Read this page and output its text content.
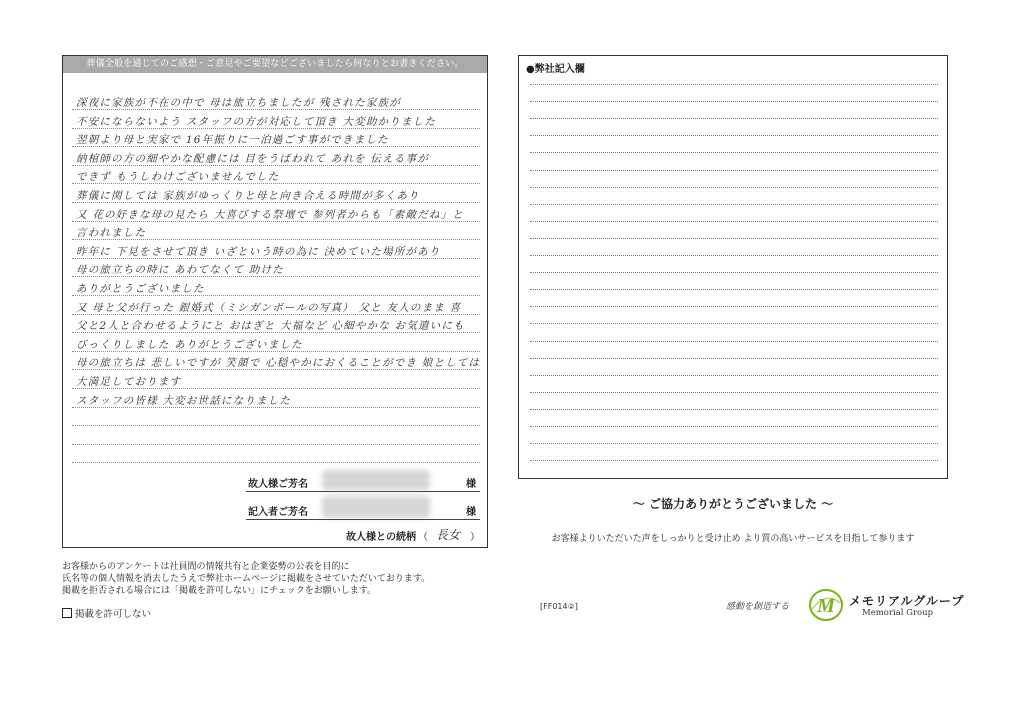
葬儀全般を通じてのご感想・ご意見やご要望などございましたら何なりとお書きください。
深夜に家族が不在の中で 母は旅立ちましたが 残された家族が
不安にならないよう スタッフの方が対応して頂き 大変助かりました
翌朝より母と実家で 16年振りに一泊過ごす事ができました
納棺師の方の細やかな配慮には 目をうばわれて あれを 伝える事が
できず もうしわけございませんでした
葬儀に関しては 家族がゆっくりと母と向き合える時間が多くあり
又 花の好きな母の見たら 大喜びする祭壇で 参列者からも「素敵だね」と
言われました
昨年に 下見をさせて頂き いざという時の為に 決めていた場所があり
母の旅立ちの時に あわてなくて 助けた
ありがとうございました
又 母と父が行った 銀婚式（ミシガンボールの写真） 父と 友人のまま 喜
父と2人と合わせるようにと おはぎと 大福など 心細やかな お気遣いにも
びっくりしました ありがとうございました
母の旅立ちは 悲しいですが 笑顔で 心穏やかにおくることができ 娘としては
大満足しております
スタッフの皆様 大変お世話になりました
故人様ご芳名	様
記入者ご芳名	様
故人様との続柄 （ 長女 ）
●弊社記入欄
～ ご協力ありがとうございました ～
お客様よりいただいた声をしっかりと受け止め より質の高いサービスを目指して参ります
お客様からのアンケートは社員間の情報共有と企業姿勢の公表を目的に
氏名等の個人情報を消去したうえで弊社ホームページに掲載をさせていただいております。
掲載を拒否される場合には「掲載を許可しない」にチェックをお願いします。
掲載を許可しない
[FF014②]	感動を創造する M メモリアルグループ
Memorial Group
